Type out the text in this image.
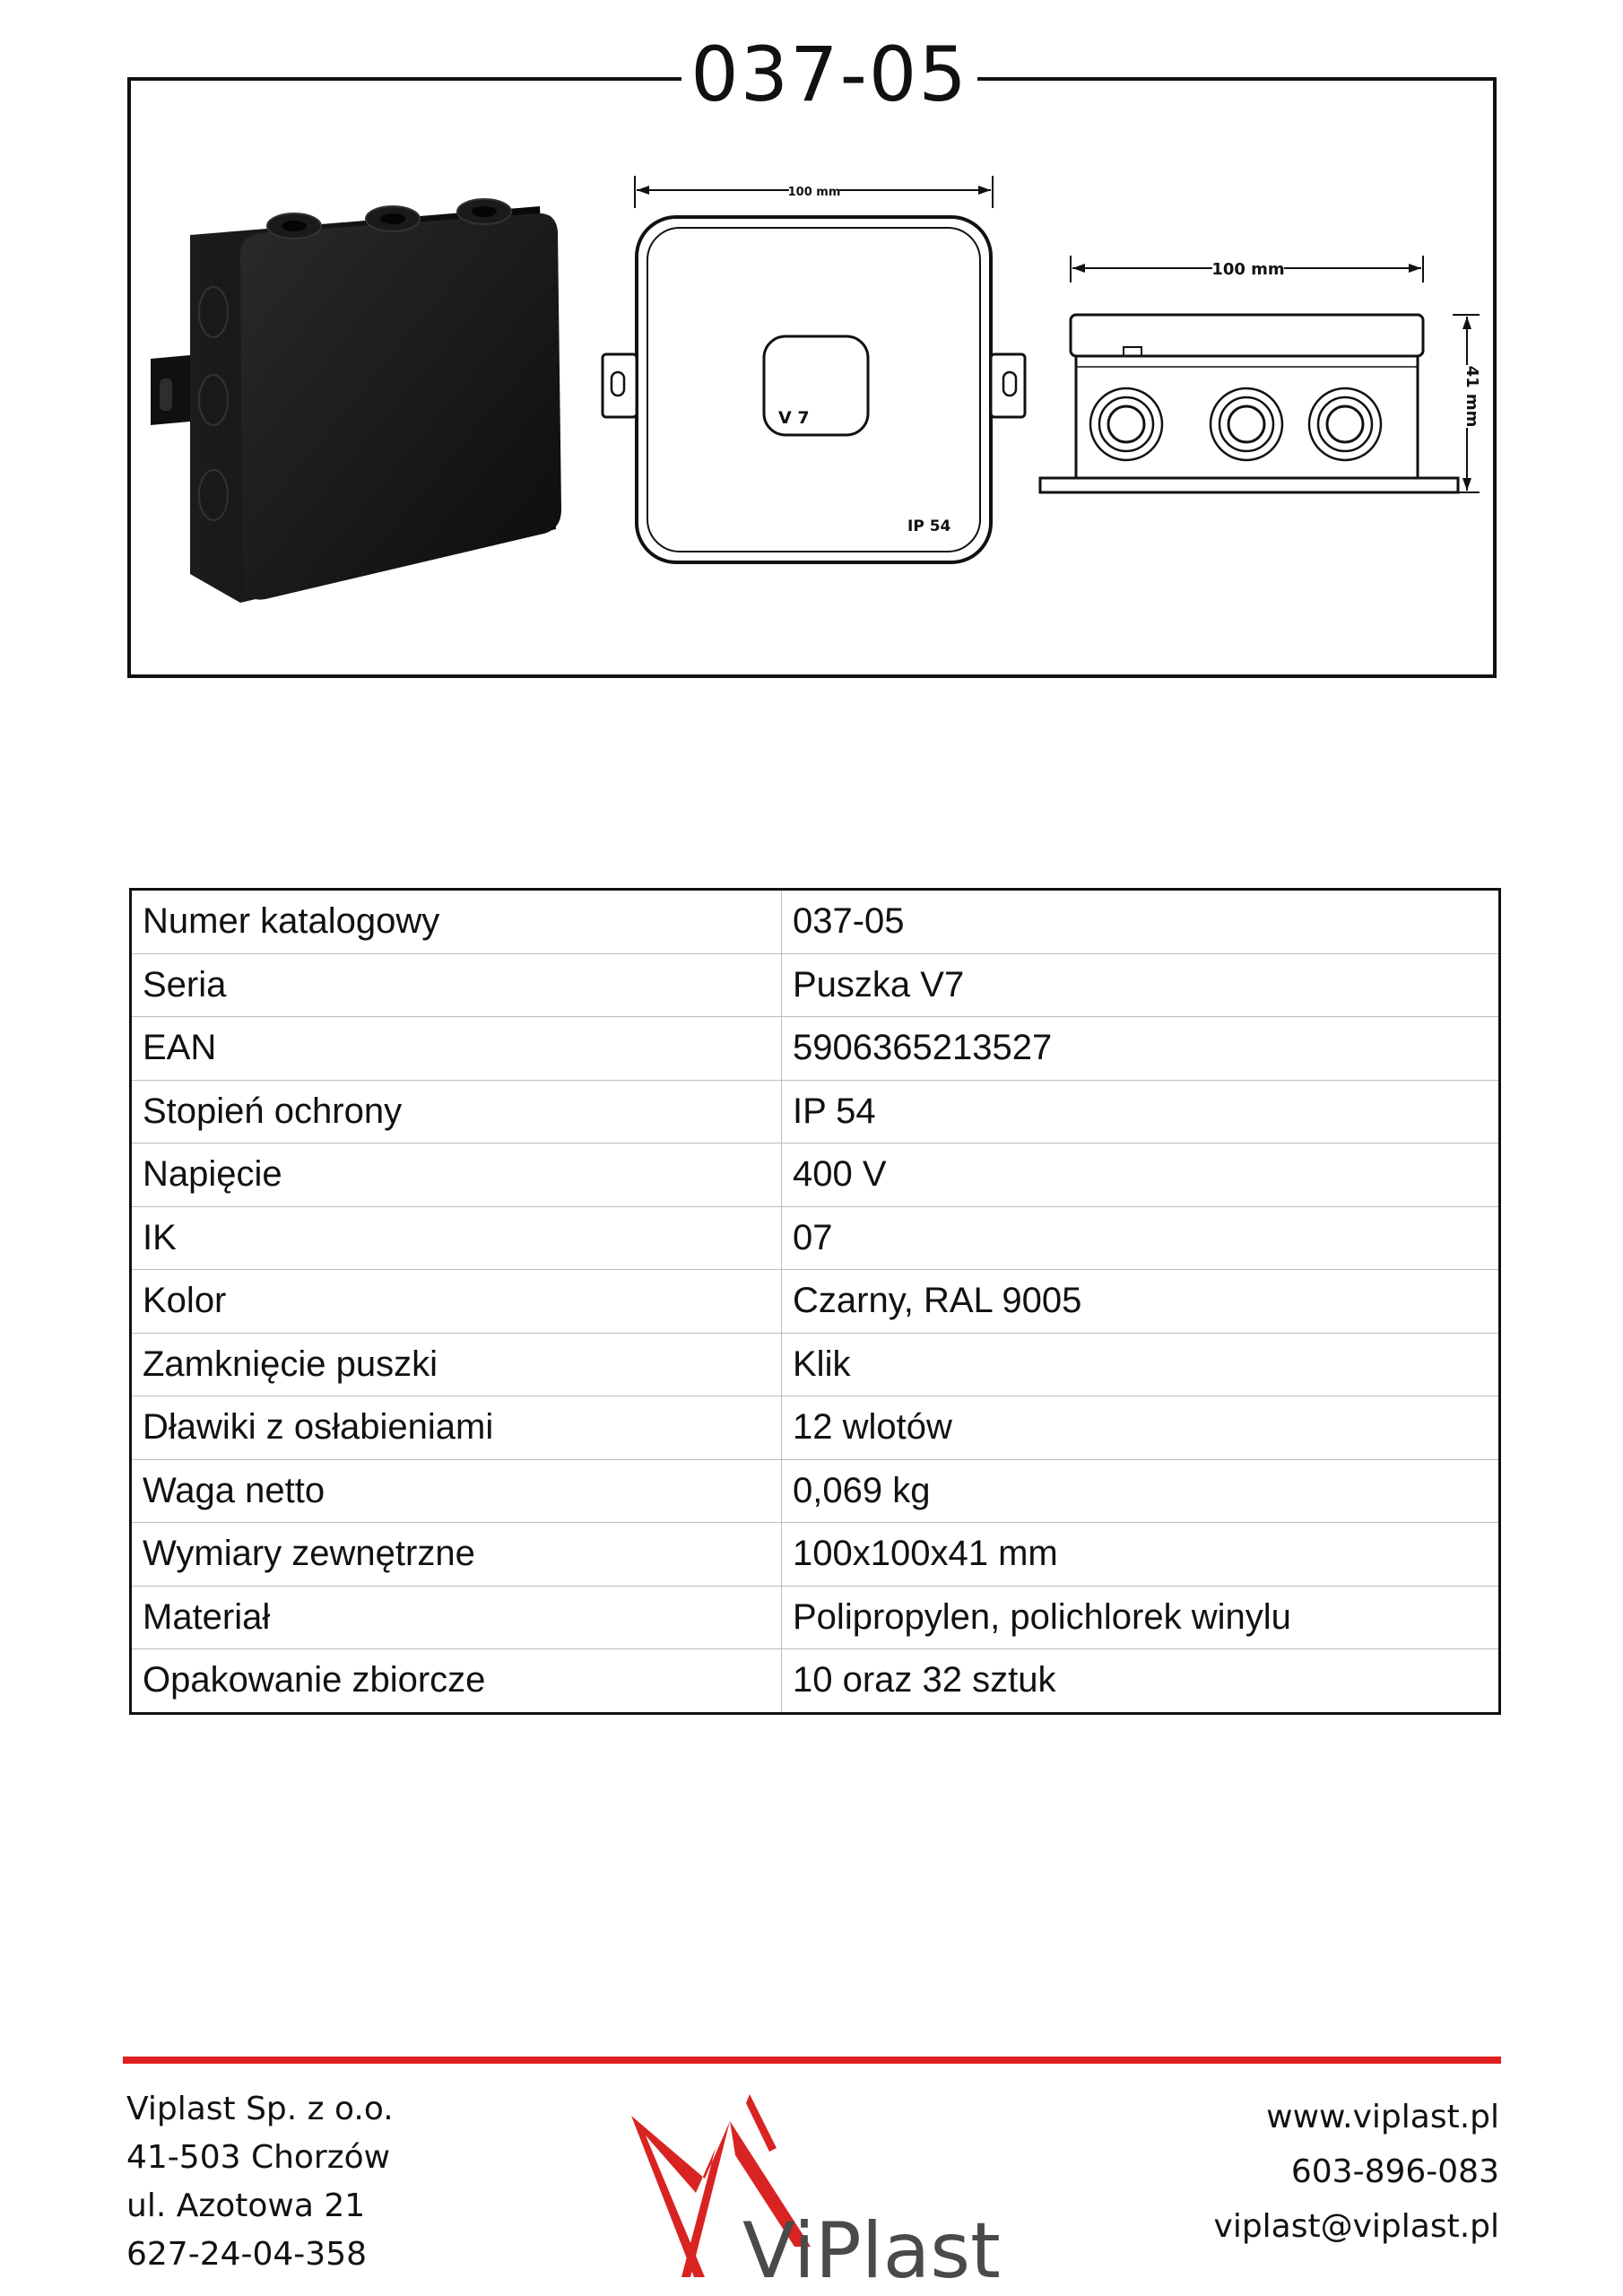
037-05
100 mm
V 7
IP 54
100 mm
41 mm
Numer katalogowy	037-05
Seria	Puszka V7
EAN	5906365213527
Stopień ochrony	IP 54
Napięcie	400 V
IK	07
Kolor	Czarny, RAL 9005
Zamknięcie puszki	Klik
Dławiki z osłabieniami	12 wlotów
Waga netto	0,069 kg
Wymiary zewnętrzne	100x100x41 mm
Materiał	Polipropylen, polichlorek winylu
Opakowanie zbiorcze	10 oraz 32 sztuk
Viplast Sp. z o.o.
41-503 Chorzów
ul. Azotowa 21
627-24-04-358	ViPlast
www.viplast.pl
603-896-083
viplast@viplast.pl
